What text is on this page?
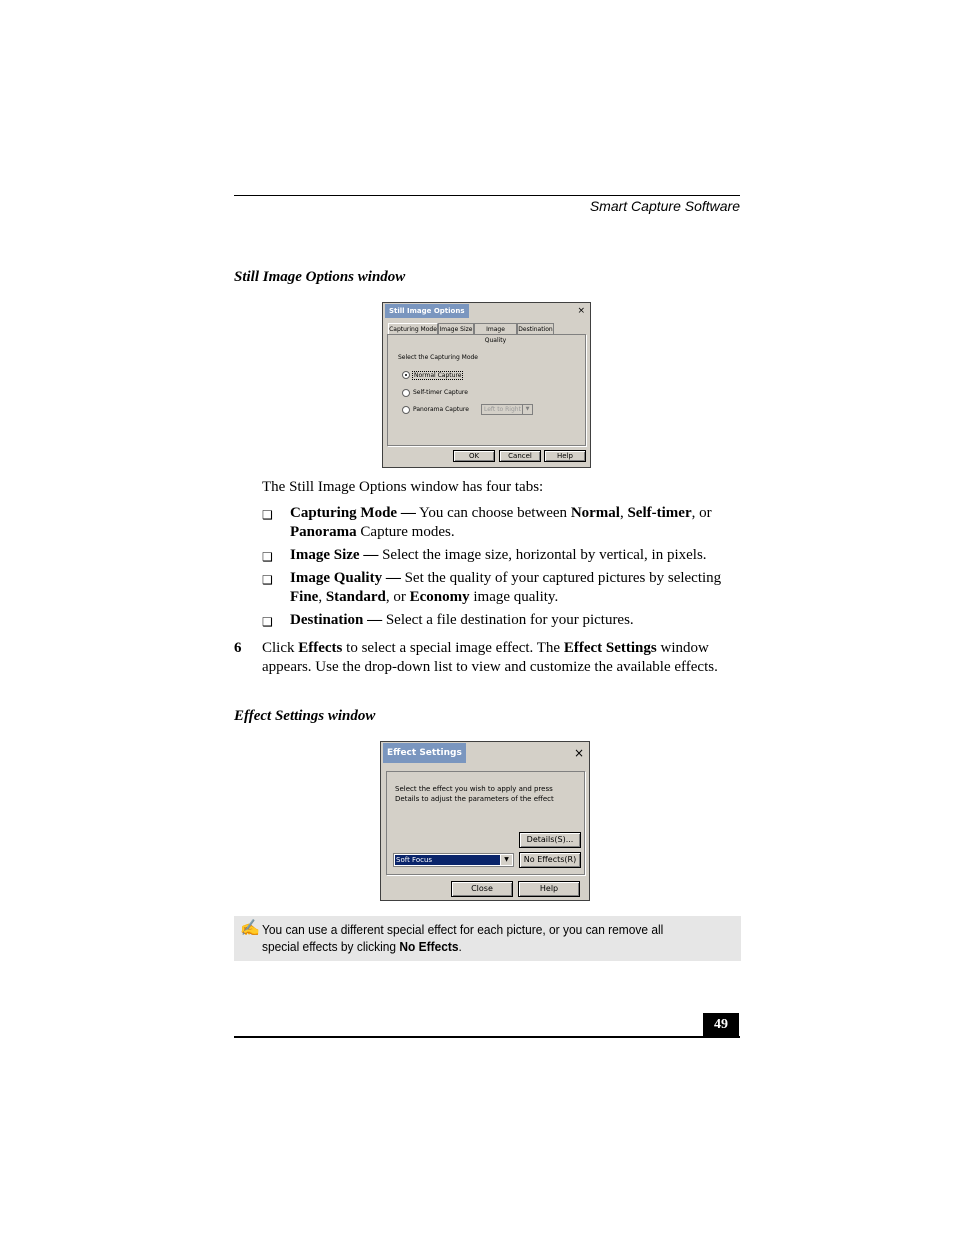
Smart Capture Software
Still Image Options window
Still Image Options	×
Capturing Mode Image Size	Image Quality
Destination
Select the Capturing Mode
Normal Capture
Self-timer Capture
Panorama Capture	Left to Right ▼
OK	Cancel	Help
The Still Image Options window has four tabs:
❑ Capturing Mode — You can choose between Normal, Self-timer, or Panorama Capture modes.
❑ Image Size — Select the image size, horizontal by vertical, in pixels.
❑ Image Quality — Set the quality of your captured pictures by selecting Fine, Standard, or Economy image quality.
❑ Destination — Select a file destination for your pictures.
6 Click Effects to select a special image effect. The Effect Settings window appears. Use the drop-down list to view and customize the available effects.
Effect Settings window
Effect Settings	×
Select the effect you wish to apply and press
Details to adjust the parameters of the effect
Details(S)...
Soft Focus	▼	No Effects(R)
Close	Help
✍ You can use a different special effect for each picture, or you can remove all special effects by clicking No Effects.
49
